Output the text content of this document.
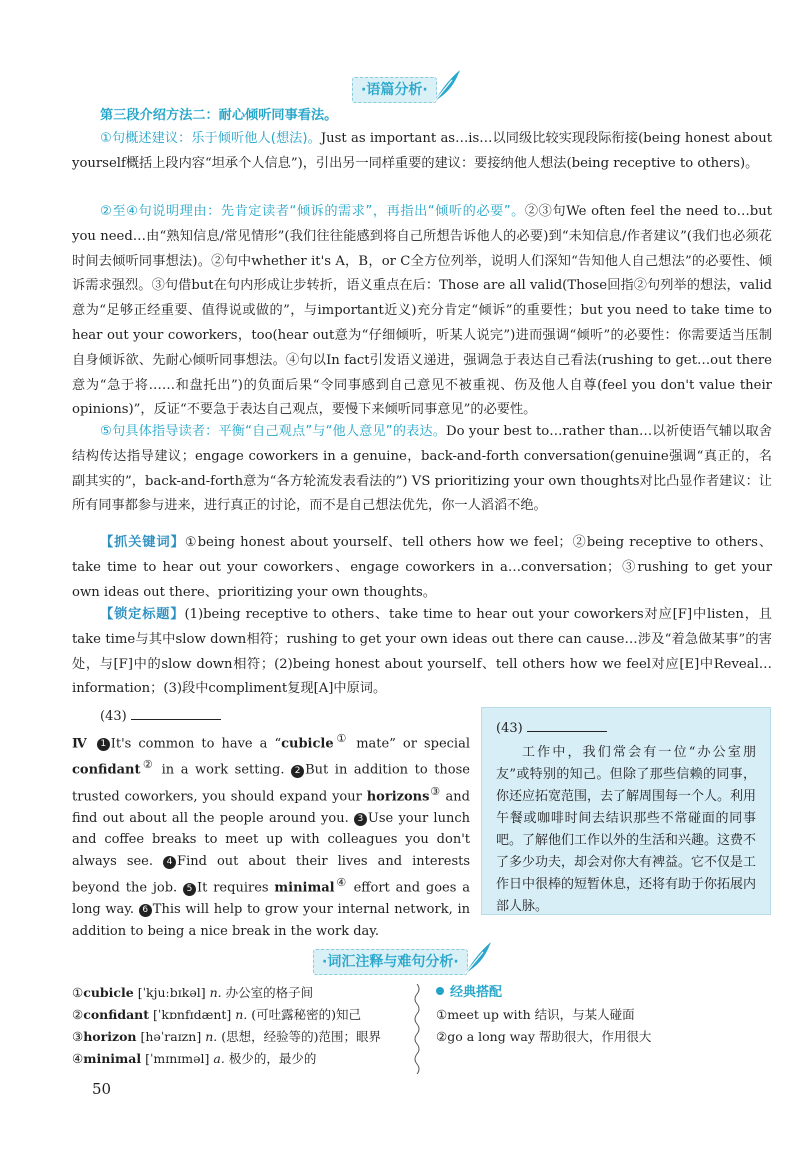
·语篇分析·
第三段介绍方法二：耐心倾听同事看法。
①句概述建议：乐于倾听他人(想法)。Just as important as…is…以同级比较实现段际衔接(being honest about yourself概括上段内容“坦承个人信息”)，引出另一同样重要的建议：要接纳他人想法(being receptive to others)。
②至④句说明理由：先肯定读者“倾诉的需求”，再指出“倾听的必要”。②③句We often feel the need to…but you need…由“熟知信息/常见情形”(我们往往能感到将自己所想告诉他人的必要)到“未知信息/作者建议”(我们也必须花时间去倾听同事想法)。②句中whether it's A，B，or C全方位列举，说明人们深知“告知他人自己想法”的必要性、倾诉需求强烈。③句借but在句内形成让步转折，语义重点在后：Those are all valid(Those回指②句列举的想法，valid意为“足够正经重要、值得说或做的”，与important近义)充分肯定“倾诉”的重要性；but you need to take time to hear out your coworkers，too(hear out意为“仔细倾听，听某人说完”)进而强调“倾听”的必要性：你需要适当压制自身倾诉欲、先耐心倾听同事想法。④句以In fact引发语义递进，强调急于表达自己看法(rushing to get…out there意为“急于将……和盘托出”)的负面后果“令同事感到自己意见不被重视、伤及他人自尊(feel you don't value their opinions)”，反证“不要急于表达自己观点，要慢下来倾听同事意见”的必要性。
⑤句具体指导读者：平衡“自己观点”与“他人意见”的表达。Do your best to…rather than…以祈使语气辅以取舍结构传达指导建议；engage coworkers in a genuine，back-and-forth conversation(genuine强调“真正的，名副其实的”，back-and-forth意为“各方轮流发表看法的”) VS prioritizing your own thoughts对比凸显作者建议：让所有同事都参与进来，进行真正的讨论，而不是自己想法优先，你一人滔滔不绝。
【抓关键词】①being honest about yourself、tell others how we feel；②being receptive to others、take time to hear out your coworkers、engage coworkers in a…conversation；③rushing to get your own ideas out there、prioritizing your own thoughts。
【锁定标题】(1)being receptive to others、take time to hear out your coworkers对应[F]中listen，且take time与其中slow down相符；rushing to get your own ideas out there can cause…涉及“着急做某事”的害处，与[F]中的slow down相符；(2)being honest about yourself、tell others how we feel对应[E]中Reveal…information；(3)段中compliment复现[A]中原词。
(43)
Ⅳ 1 It's common to have a “cubicle① mate” or special confidant② in a work setting. 2 But in addition to those trusted coworkers, you should expand your horizons③ and find out about all the people around you. 3 Use your lunch and coffee breaks to meet up with colleagues you don't always see. 4 Find out about their lives and interests beyond the job. 5 It requires minimal④ effort and goes a long way. 6 This will help to grow your internal network, in addition to being a nice break in the work day.
(43)
工作中，我们常会有一位“办公室朋友”或特别的知己。但除了那些信赖的同事，你还应拓宽范围，去了解周围每一个人。利用午餐或咖啡时间去结识那些不常碰面的同事吧。了解他们工作以外的生活和兴趣。这费不了多少功夫，却会对你大有裨益。它不仅是工作日中很棒的短暂休息，还将有助于你拓展内部人脉。
·词汇注释与难句分析·
①cubicle [ˈkjuːbɪkəl] n. 办公室的格子间
②confidant [ˈkɒnfɪdænt] n. (可吐露秘密的)知己
③horizon [həˈraɪzn] n. (思想，经验等的)范围；眼界
④minimal [ˈmɪnɪməl] a. 极少的，最少的
经典搭配
①meet up with 结识，与某人碰面
②go a long way 帮助很大，作用很大
50
